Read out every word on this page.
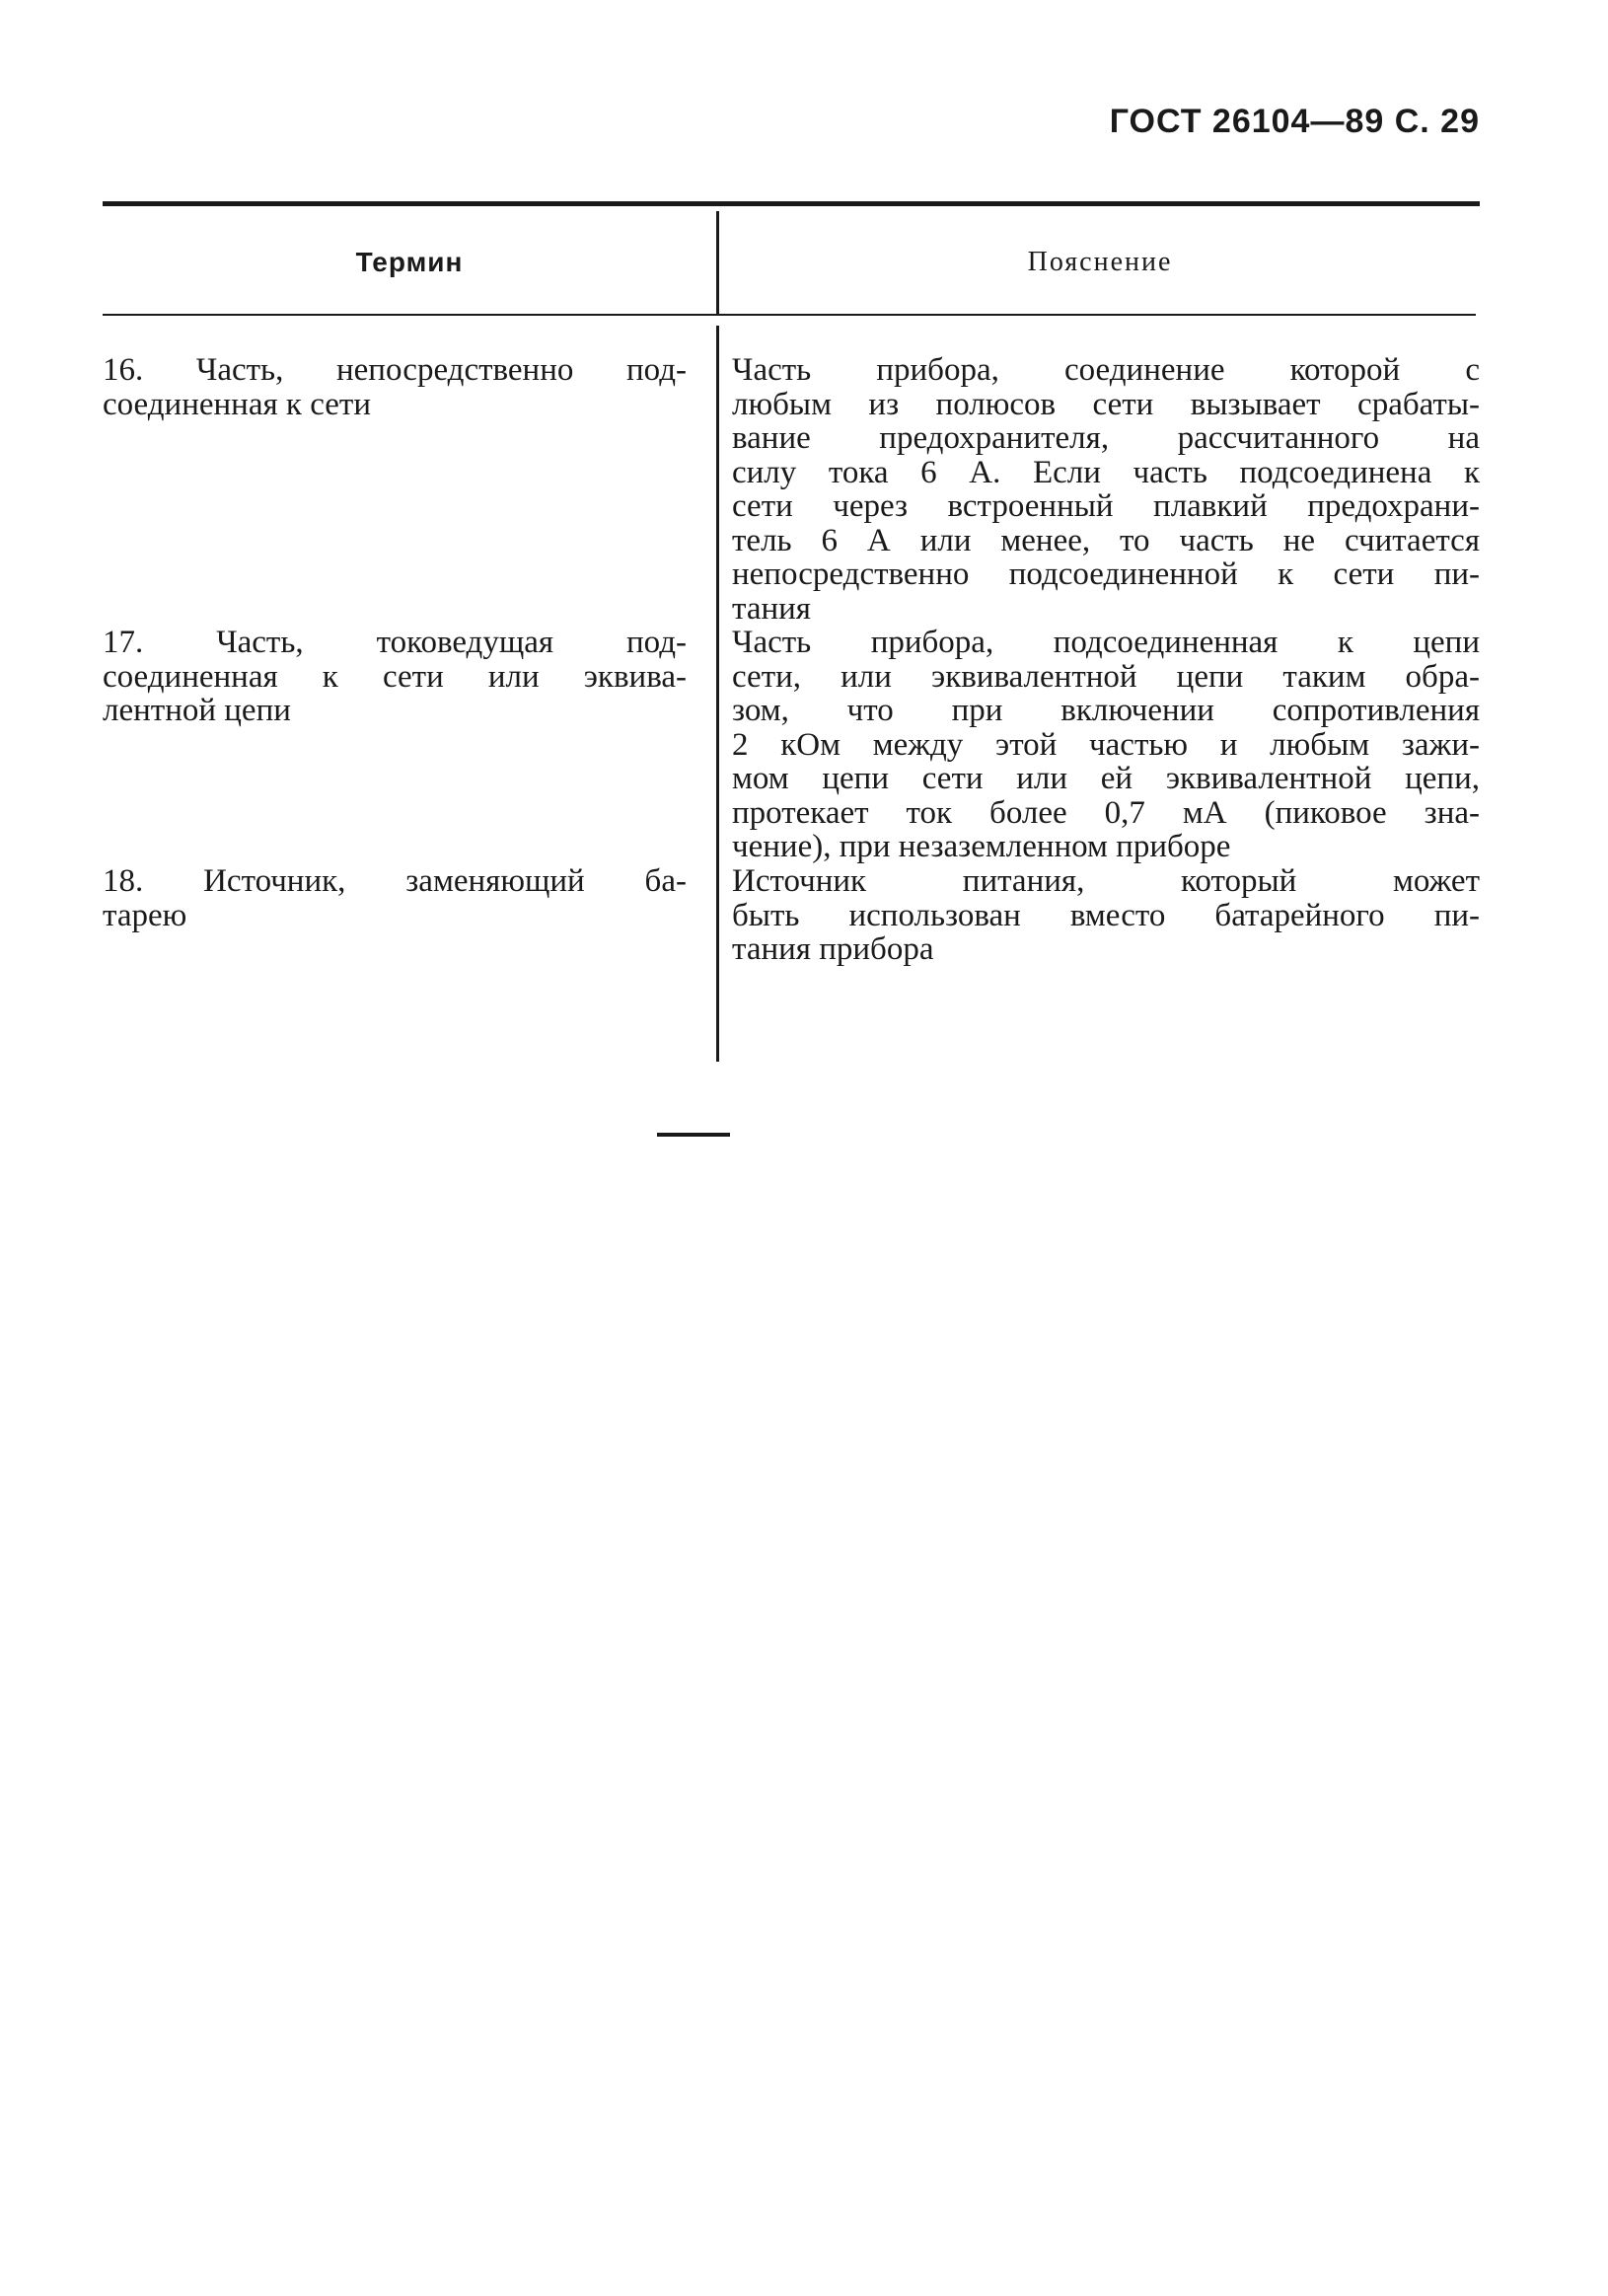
ГОСТ 26104—89 С. 29
Термин	Пояснение
16. Часть, непосредственно под-
соединенная к сети
Часть прибора, соединение которой с
любым из полюсов сети вызывает срабаты-
вание предохранителя, рассчитанного на
силу тока 6 А. Если часть подсоединена к
сети через встроенный плавкий предохрани-
тель 6 А или менее, то часть не считается
непосредственно подсоединенной к сети пи-
тания
17. Часть, токоведущая под-
соединенная к сети или эквива-
лентной цепи
Часть прибора, подсоединенная к цепи
сети, или эквивалентной цепи таким обра-
зом, что при включении сопротивления
2 кОм между этой частью и любым зажи-
мом цепи сети или ей эквивалентной цепи,
протекает ток более 0,7 мА (пиковое зна-
чение), при незаземленном приборе
18. Источник, заменяющий ба-
тарею
Источник питания, который может
быть использован вместо батарейного пи-
тания прибора
